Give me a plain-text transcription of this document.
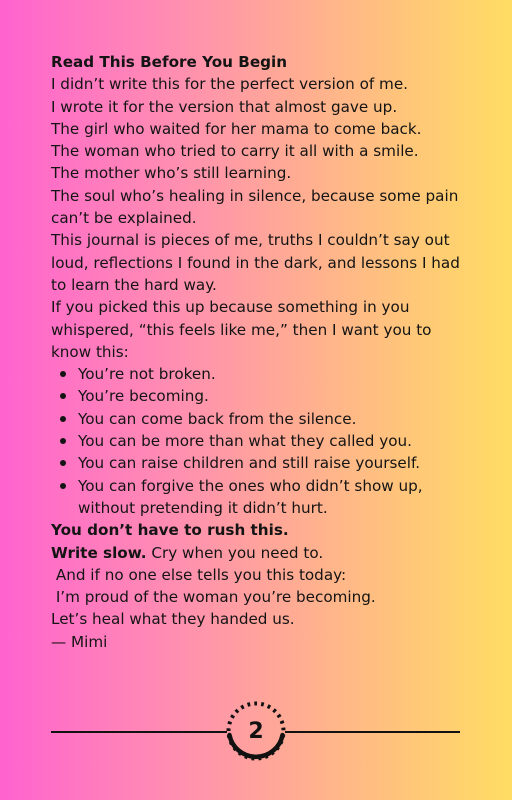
Read This Before You Begin
I didn’t write this for the perfect version of me.
I wrote it for the version that almost gave up.
The girl who waited for her mama to come back.
The woman who tried to carry it all with a smile.
The mother who’s still learning.
The soul who’s healing in silence, because some pain can’t be explained.
This journal is pieces of me, truths I couldn’t say out loud, reflections I found in the dark, and lessons I had to learn the hard way.
If you picked this up because something in you whispered, “this feels like me,” then I want you to know this:
You’re not broken.
You’re becoming.
You can come back from the silence.
You can be more than what they called you.
You can raise children and still raise yourself.
You can forgive the ones who didn’t show up, without pretending it didn’t hurt.
You don’t have to rush this.
Write slow. Cry when you need to.
And if no one else tells you this today:
I’m proud of the woman you’re becoming.
Let’s heal what they handed us.
— Mimi
2
